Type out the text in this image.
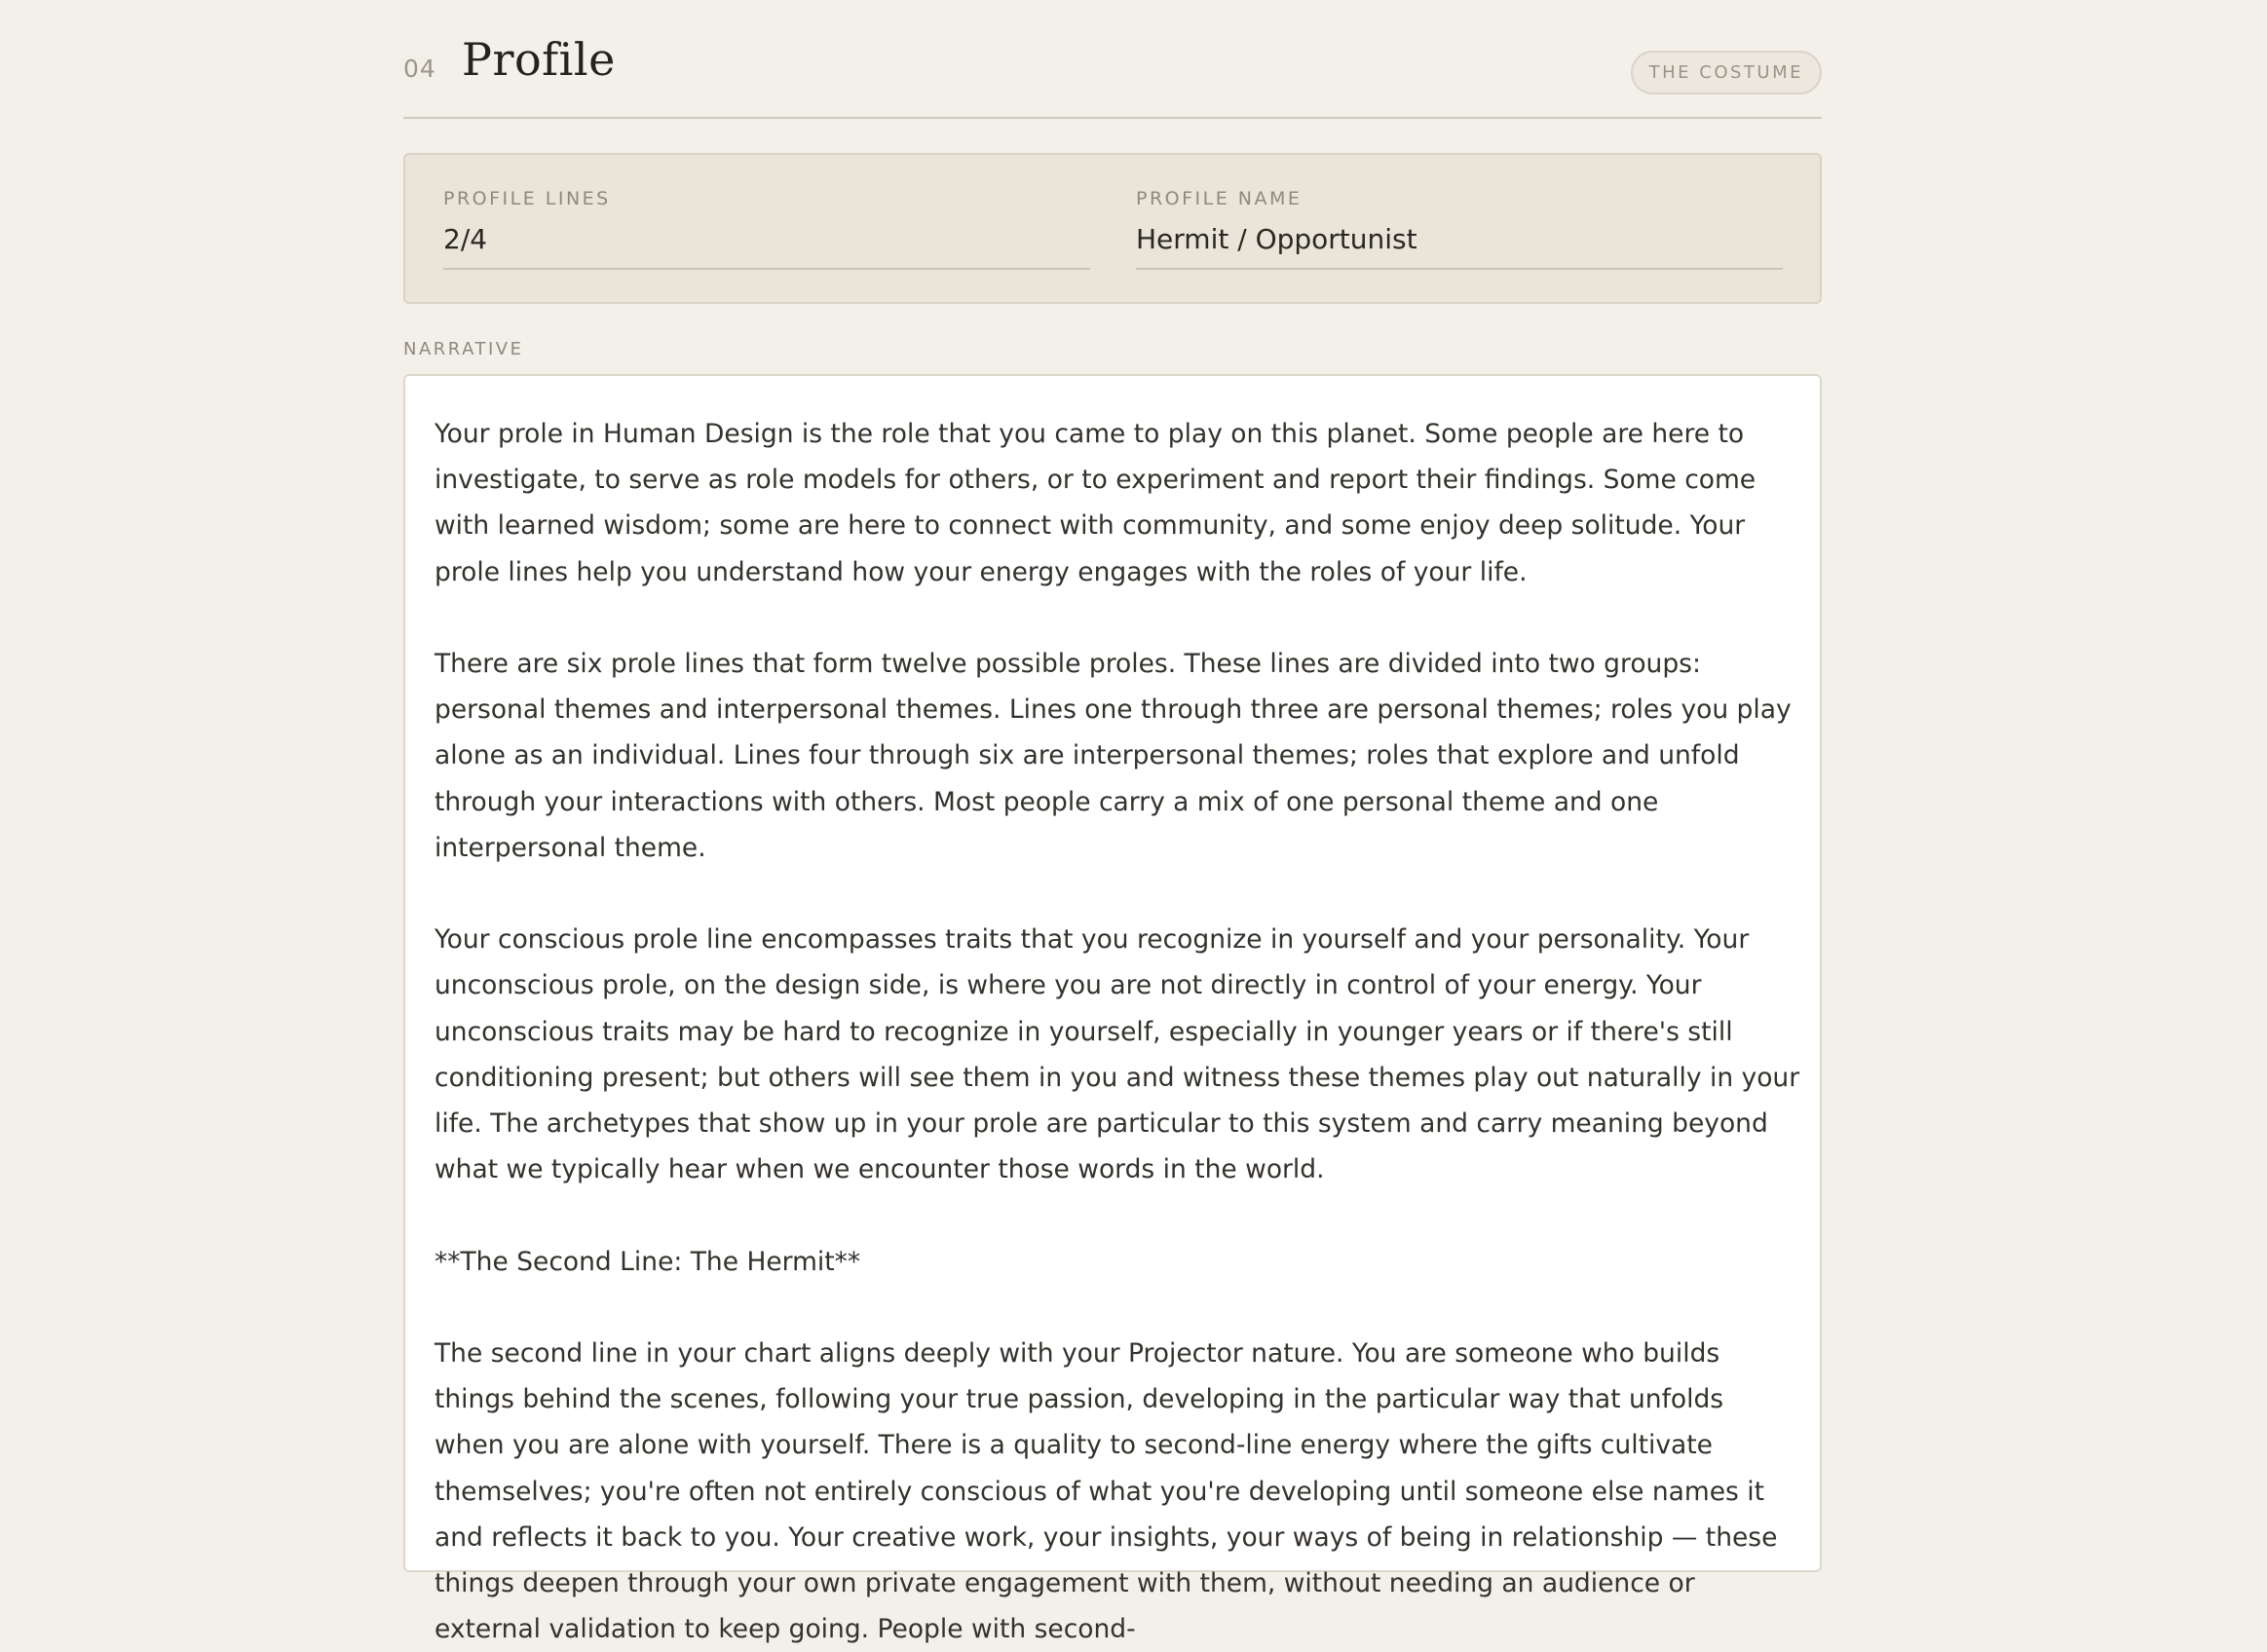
04 Profile	THE COSTUME
PROFILE LINES
2/4
PROFILE NAME
Hermit / Opportunist
NARRATIVE

Your prole in Human Design is the role that you came to play on this planet. Some people are here to investigate, to serve as role models for others, or to experiment and report their findings. Some come with learned wisdom; some are here to connect with community, and some enjoy deep solitude. Your prole lines help you understand how your energy engages with the roles of your life.

There are six prole lines that form twelve possible proles. These lines are divided into two groups: personal themes and interpersonal themes. Lines one through three are personal themes; roles you play alone as an individual. Lines four through six are interpersonal themes; roles that explore and unfold through your interactions with others. Most people carry a mix of one personal theme and one interpersonal theme.

Your conscious prole line encompasses traits that you recognize in yourself and your personality. Your unconscious prole, on the design side, is where you are not directly in control of your energy. Your unconscious traits may be hard to recognize in yourself, especially in younger years or if there's still conditioning present; but others will see them in you and witness these themes play out naturally in your life. The archetypes that show up in your prole are particular to this system and carry meaning beyond what we typically hear when we encounter those words in the world.

**The Second Line: The Hermit**

The second line in your chart aligns deeply with your Projector nature. You are someone who builds things behind the scenes, following your true passion, developing in the particular way that unfolds when you are alone with yourself. There is a quality to second-line energy where the gifts cultivate themselves; you're often not entirely conscious of what you're developing until someone else names it and reflects it back to you. Your creative work, your insights, your ways of being in relationship — these things deepen through your own private engagement with them, without needing an audience or external validation to keep going. People with second-
